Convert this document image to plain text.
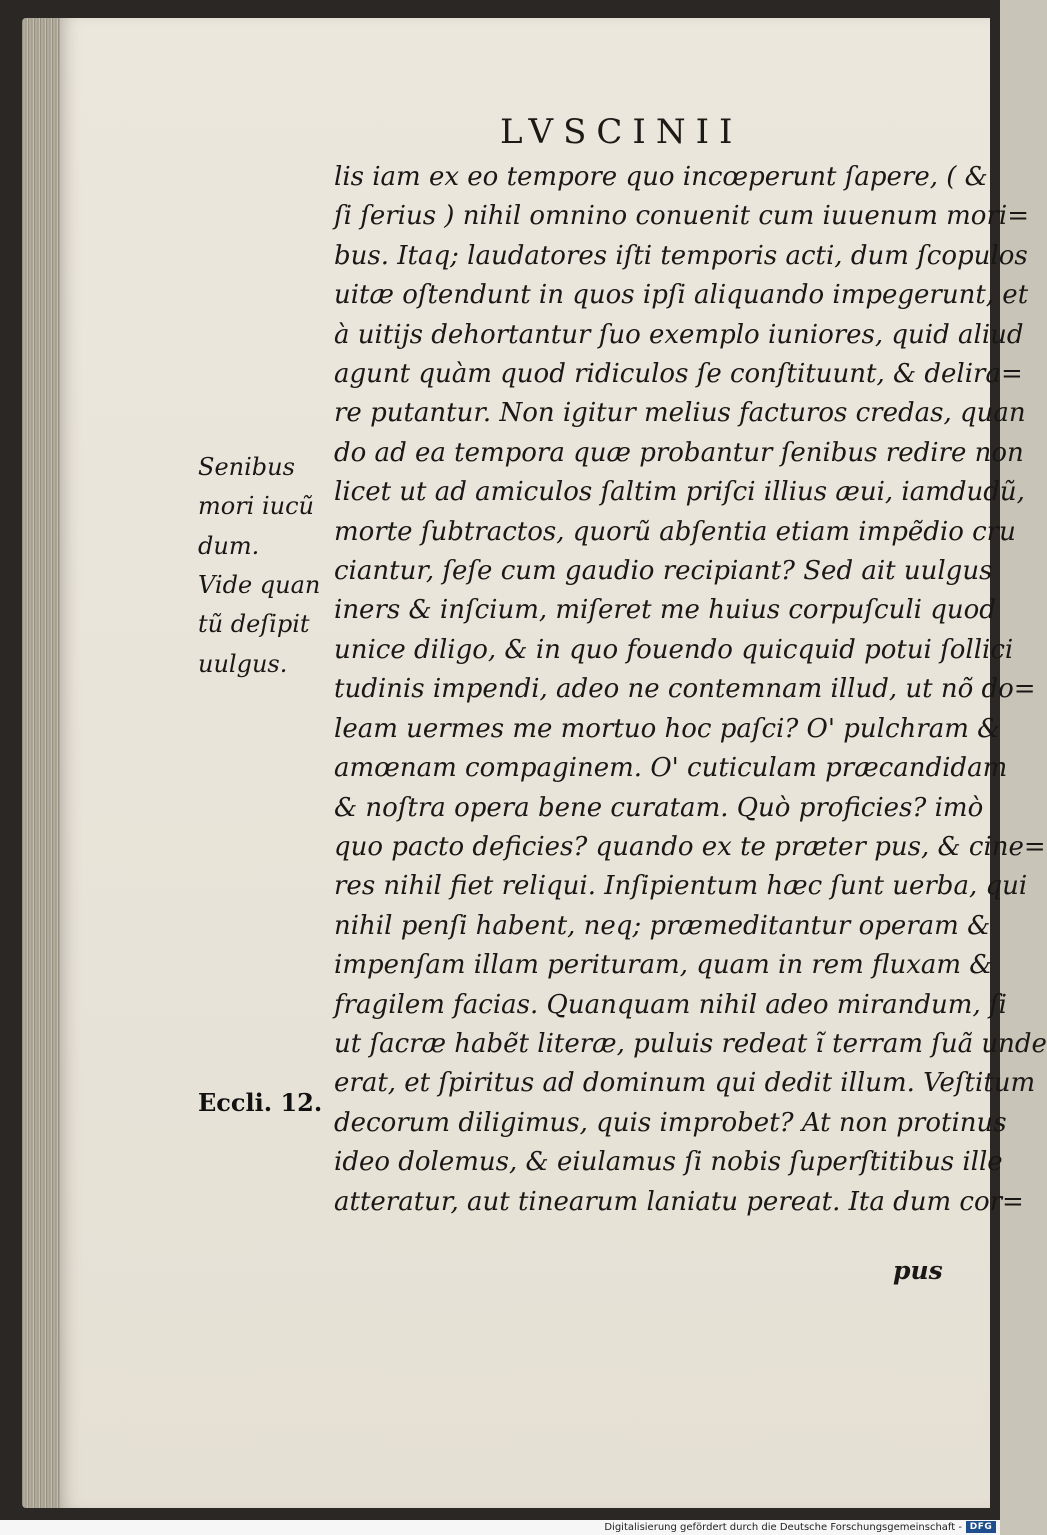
LVSCINII
lis iam ex eo tempore quo incœperunt ſapere, ( &
ſi ſerius ) nihil omnino conuenit cum iuuenum mori=
bus. Itaq; laudatores iſti temporis acti, dum ſcopulos
uitæ oſtendunt in quos ipſi aliquando impegerunt, et
à uitijs dehortantur ſuo exemplo iuniores, quid aliud
agunt quàm quod ridiculos ſe conſtituunt, & delira=
re putantur. Non igitur melius facturos credas, quan
do ad ea tempora quæ probantur ſenibus redire non
licet ut ad amiculos ſaltim priſci illius æui, iamdudũ,
morte ſubtractos, quorũ abſentia etiam impẽdio cru
ciantur, ſeſe cum gaudio recipiant? Sed ait uulgus
iners & inſcium, miſeret me huius corpuſculi quod
unice diligo, & in quo fouendo quicquid potui ſollici
tudinis impendi, adeo ne contemnam illud, ut nõ do=
leam uermes me mortuo hoc paſci? O' pulchram &
amœnam compaginem. O' cuticulam præcandidam
& noſtra opera bene curatam. Quò proficies? imò
quo pacto deficies? quando ex te præter pus, & cine=
res nihil fiet reliqui. Inſipientum hæc ſunt uerba, qui
nihil penſi habent, neq; præmeditantur operam &
impenſam illam perituram, quam in rem fluxam &
fragilem facias. Quanquam nihil adeo mirandum, ſi
ut ſacræ habẽt literæ, puluis redeat ĩ terram ſuã unde
erat, et ſpiritus ad dominum qui dedit illum. Veſtitum
decorum diligimus, quis improbet? At non protinus
ideo dolemus, & eiulamus ſi nobis ſuperſtitibus ille
atteratur, aut tinearum laniatu pereat. Ita dum cor=
pus
Senibus
mori iucũ
dum.
Vide quan
tũ deſipit
uulgus.
Eccli. 12.
Digitalisierung gefördert durch die Deutsche Forschungsgemeinschaft - DFG
